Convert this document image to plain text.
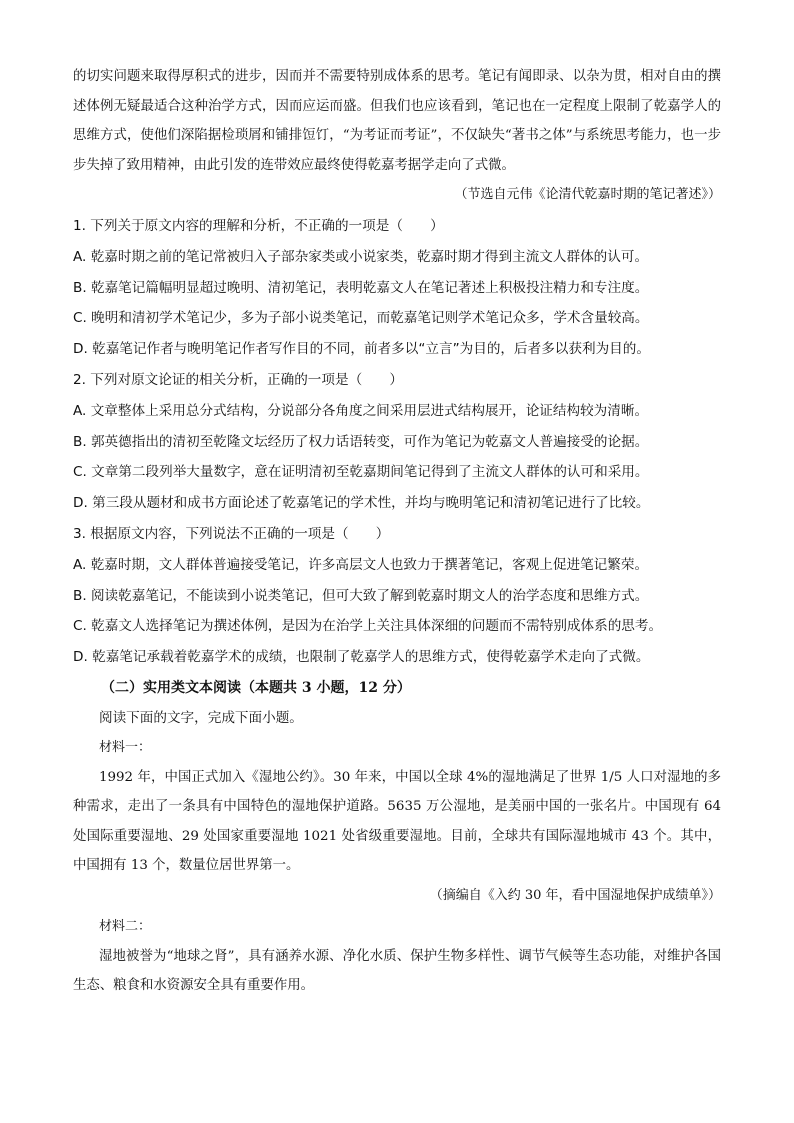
的切实问题来取得厚积式的进步，因而并不需要特别成体系的思考。笔记有闻即录、以杂为贯，相对自由的撰述体例无疑最适合这种治学方式，因而应运而盛。但我们也应该看到，笔记也在一定程度上限制了乾嘉学人的思维方式，使他们深陷据检琐屑和铺排饾饤，“为考证而考证”，不仅缺失“著书之体”与系统思考能力，也一步步失掉了致用精神，由此引发的连带效应最终使得乾嘉考据学走向了式微。

（节选自元伟《论清代乾嘉时期的笔记著述》）

1. 下列关于原文内容的理解和分析，不正确的一项是（　　）

A. 乾嘉时期之前的笔记常被归入子部杂家类或小说家类，乾嘉时期才得到主流文人群体的认可。

B. 乾嘉笔记篇幅明显超过晚明、清初笔记，表明乾嘉文人在笔记著述上积极投注精力和专注度。

C. 晚明和清初学术笔记少，多为子部小说类笔记，而乾嘉笔记则学术笔记众多，学术含量较高。

D. 乾嘉笔记作者与晚明笔记作者写作目的不同，前者多以“立言”为目的，后者多以获利为目的。

2. 下列对原文论证的相关分析，正确的一项是（　　）

A. 文章整体上采用总分式结构，分说部分各角度之间采用层进式结构展开，论证结构较为清晰。

B. 郭英德指出的清初至乾隆文坛经历了权力话语转变，可作为笔记为乾嘉文人普遍接受的论据。

C. 文章第二段列举大量数字，意在证明清初至乾嘉期间笔记得到了主流文人群体的认可和采用。

D. 第三段从题材和成书方面论述了乾嘉笔记的学术性，并均与晚明笔记和清初笔记进行了比较。

3. 根据原文内容，下列说法不正确的一项是（　　）

A. 乾嘉时期，文人群体普遍接受笔记，许多高层文人也致力于撰著笔记，客观上促进笔记繁荣。

B. 阅读乾嘉笔记，不能读到小说类笔记，但可大致了解到乾嘉时期文人的治学态度和思维方式。

C. 乾嘉文人选择笔记为撰述体例，是因为在治学上关注具体深细的问题而不需特别成体系的思考。

D. 乾嘉笔记承载着乾嘉学术的成绩，也限制了乾嘉学人的思维方式，使得乾嘉学术走向了式微。

（二）实用类文本阅读（本题共 3 小题，12 分）

阅读下面的文字，完成下面小题。

材料一：

1992 年，中国正式加入《湿地公约》。30 年来，中国以全球 4%的湿地满足了世界 1/5 人口对湿地的多种需求，走出了一条具有中国特色的湿地保护道路。5635 万公湿地，是美丽中国的一张名片。中国现有 64 处国际重要湿地、29 处国家重要湿地 1021 处省级重要湿地。目前，全球共有国际湿地城市 43 个。其中，中国拥有 13 个，数量位居世界第一。

（摘编自《入约 30 年，看中国湿地保护成绩单》）

材料二：

湿地被誉为“地球之肾”，具有涵养水源、净化水质、保护生物多样性、调节气候等生态功能，对维护各国生态、粮食和水资源安全具有重要作用。
